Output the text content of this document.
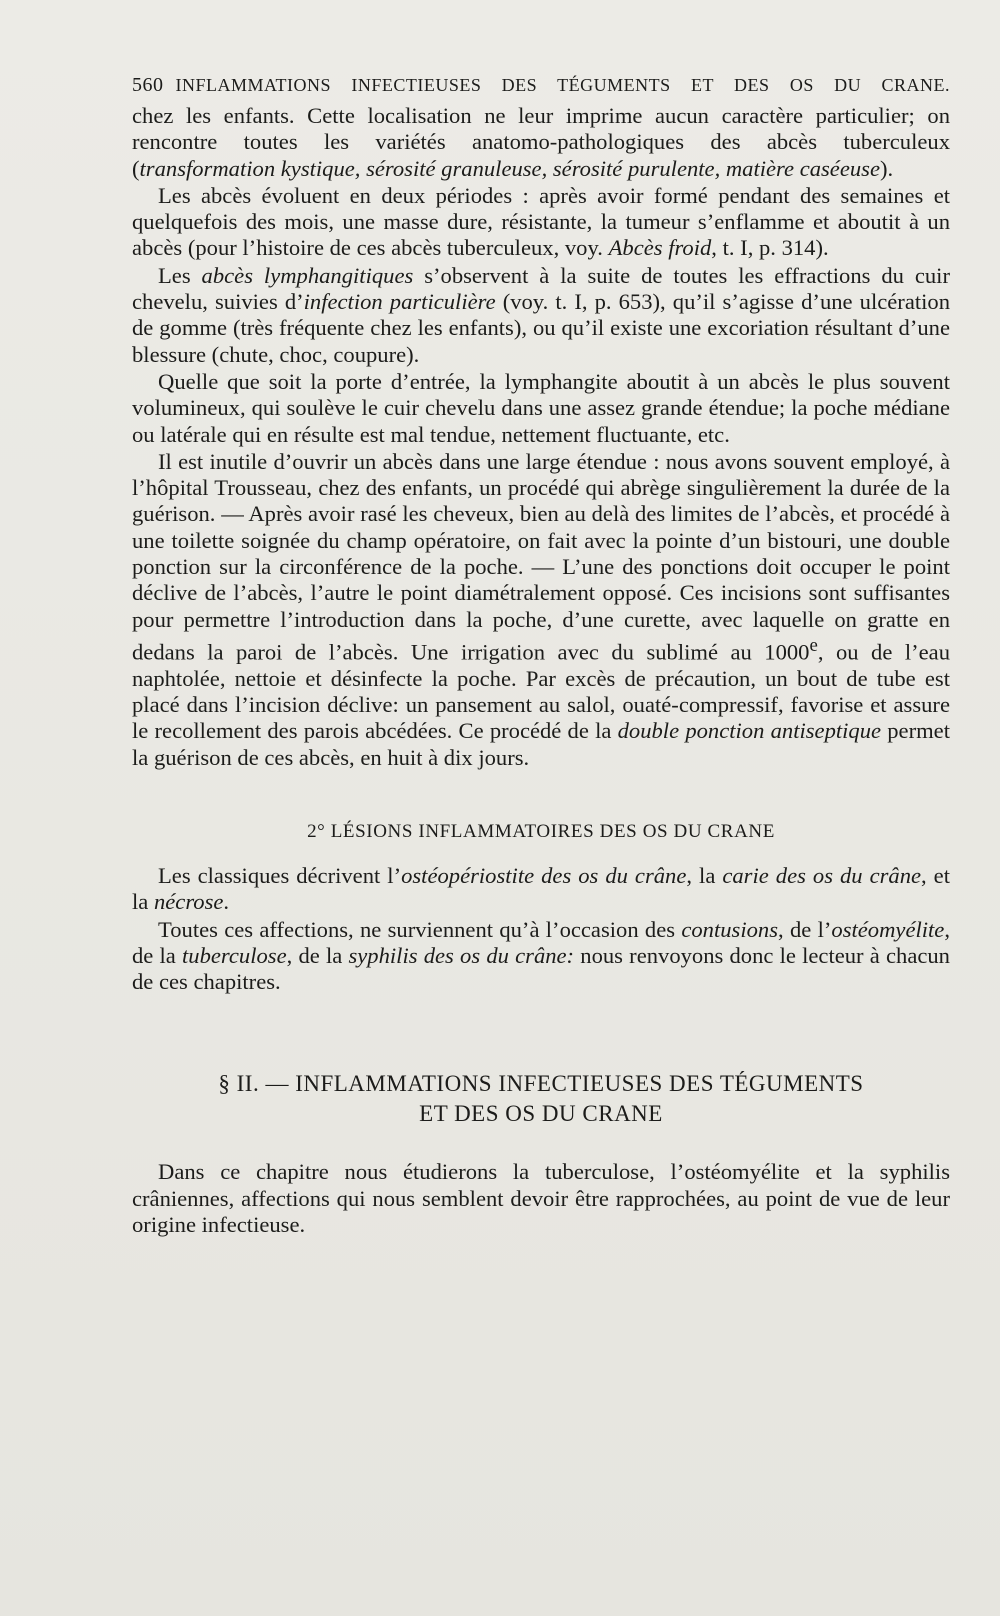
560 INFLAMMATIONS INFECTIEUSES DES TÉGUMENTS ET DES OS DU CRANE.

chez les enfants. Cette localisation ne leur imprime aucun caractère particulier; on rencontre toutes les variétés anatomo-pathologiques des abcès tuberculeux (transformation kystique, sérosité granuleuse, sérosité purulente, matière caséeuse).

Les abcès évoluent en deux périodes : après avoir formé pendant des semaines et quelquefois des mois, une masse dure, résistante, la tumeur s’enflamme et aboutit à un abcès (pour l’histoire de ces abcès tuberculeux, voy. Abcès froid, t. I, p. 314).

Les abcès lymphangitiques s’observent à la suite de toutes les effractions du cuir chevelu, suivies d’infection particulière (voy. t. I, p. 653), qu’il s’agisse d’une ulcération de gomme (très fréquente chez les enfants), ou qu’il existe une excoriation résultant d’une blessure (chute, choc, coupure).

Quelle que soit la porte d’entrée, la lymphangite aboutit à un abcès le plus souvent volumineux, qui soulève le cuir chevelu dans une assez grande étendue; la poche médiane ou latérale qui en résulte est mal tendue, nettement fluctuante, etc.

Il est inutile d’ouvrir un abcès dans une large étendue : nous avons souvent employé, à l’hôpital Trousseau, chez des enfants, un procédé qui abrège singulièrement la durée de la guérison. — Après avoir rasé les cheveux, bien au delà des limites de l’abcès, et procédé à une toilette soignée du champ opératoire, on fait avec la pointe d’un bistouri, une double ponction sur la circonférence de la poche. — L’une des ponctions doit occuper le point déclive de l’abcès, l’autre le point diamétralement opposé. Ces incisions sont suffisantes pour permettre l’introduction dans la poche, d’une curette, avec laquelle on gratte en dedans la paroi de l’abcès. Une irrigation avec du sublimé au 1000e, ou de l’eau naphtolée, nettoie et désinfecte la poche. Par excès de précaution, un bout de tube est placé dans l’incision déclive: un pansement au salol, ouaté-compressif, favorise et assure le recollement des parois abcédées. Ce procédé de la double ponction antiseptique permet la guérison de ces abcès, en huit à dix jours.

2° LÉSIONS INFLAMMATOIRES DES OS DU CRANE

Les classiques décrivent l’ostéopériostite des os du crâne, la carie des os du crâne, et la nécrose.

Toutes ces affections, ne surviennent qu’à l’occasion des contusions, de l’ostéomyélite, de la tuberculose, de la syphilis des os du crâne: nous renvoyons donc le lecteur à chacun de ces chapitres.

§ II. — INFLAMMATIONS INFECTIEUSES DES TÉGUMENTS
ET DES OS DU CRANE

Dans ce chapitre nous étudierons la tuberculose, l’ostéomyélite et la syphilis crâniennes, affections qui nous semblent devoir être rapprochées, au point de vue de leur origine infectieuse.
